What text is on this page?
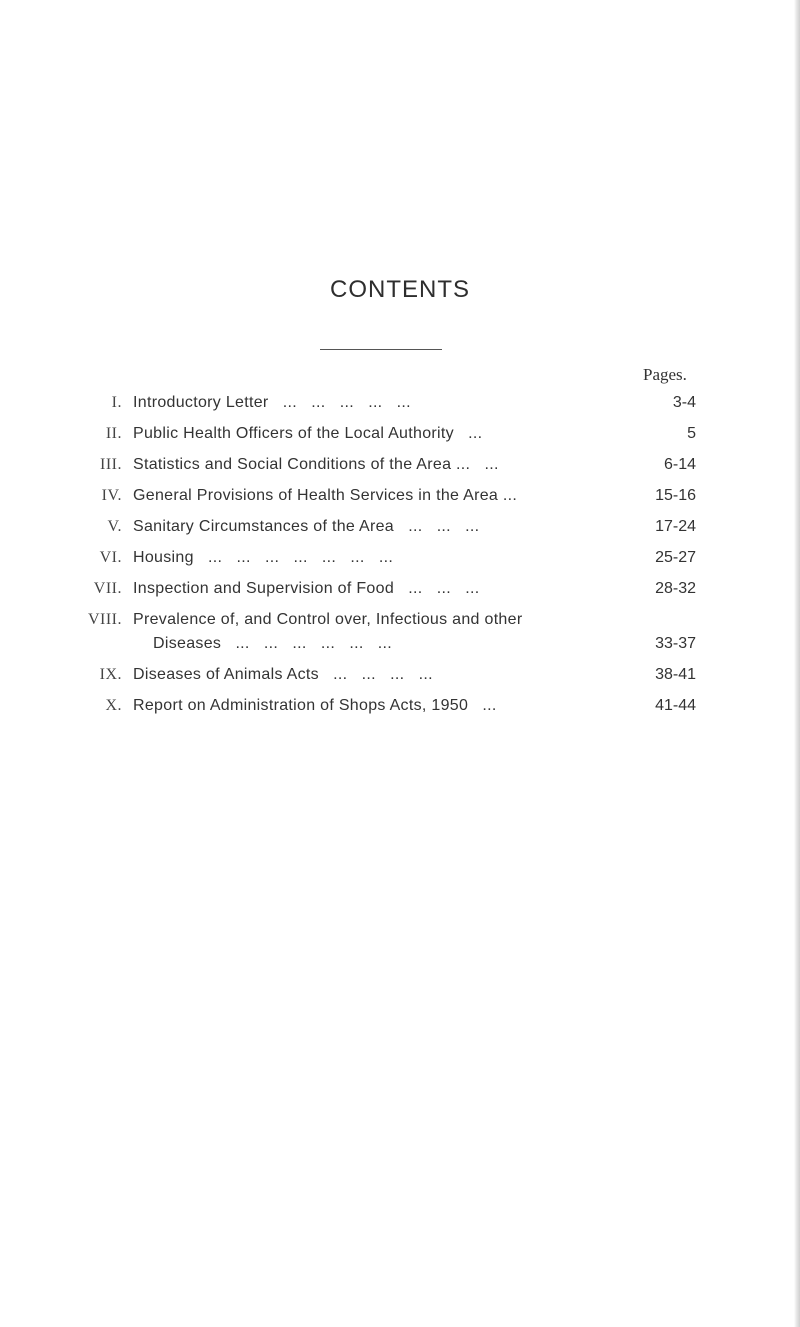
CONTENTS
Pages.
I. Introductory Letter   ...   ...   ...   ...   ...	3-4
II. Public Health Officers of the Local Authority   ...	5
III. Statistics and Social Conditions of the Area ...   ...	6-14
IV. General Provisions of Health Services in the Area ...	15-16
V. Sanitary Circumstances of the Area   ...   ...   ...	17-24
VI. Housing   ...   ...   ...   ...   ...   ...   ...	25-27
VII. Inspection and Supervision of Food   ...   ...   ...	28-32
VIII. Prevalence of, and Control over, Infectious and other
Diseases   ...   ...   ...   ...   ...   ...	33-37
IX. Diseases of Animals Acts   ...   ...   ...   ...	38-41
X. Report on Administration of Shops Acts, 1950   ...	41-44
